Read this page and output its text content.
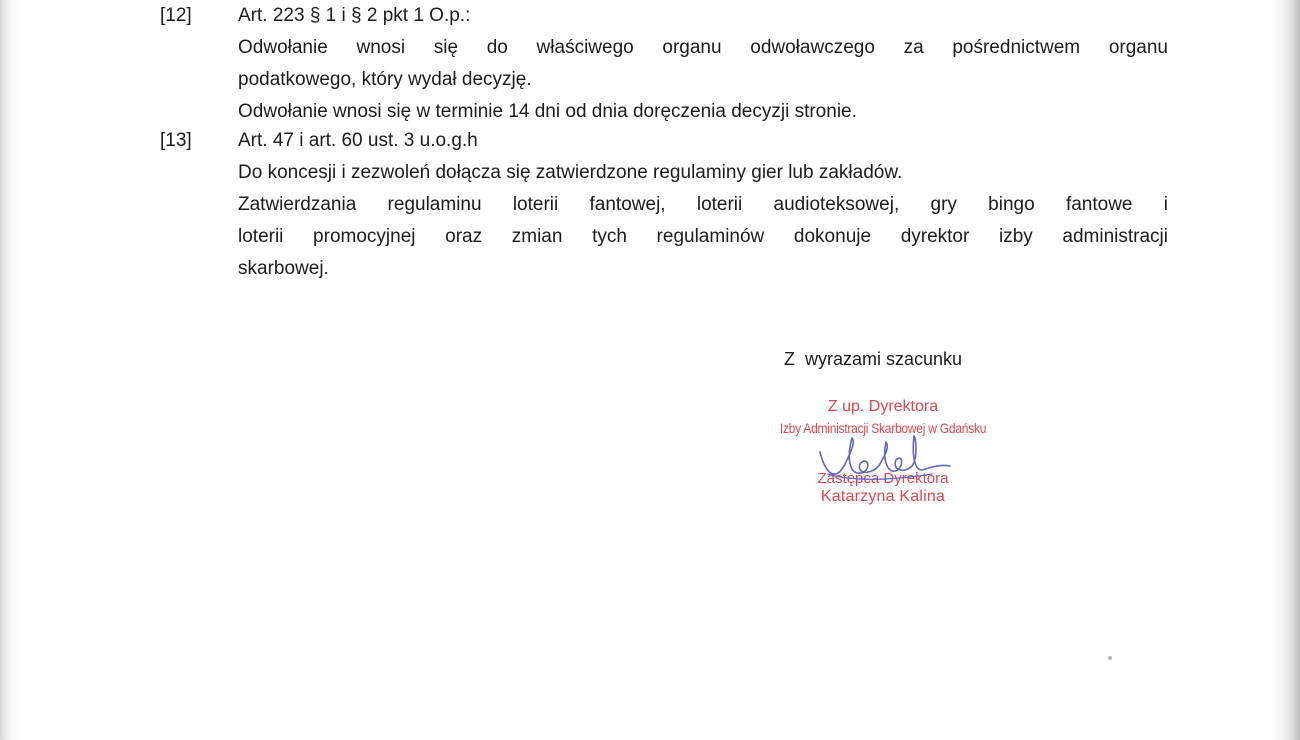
[12] Art. 223 § 1 i § 2 pkt 1 O.p.:
Odwołanie wnosi się do właściwego organu odwoławczego za pośrednictwem organu
podatkowego, który wydał decyzję.
Odwołanie wnosi się w terminie 14 dni od dnia doręczenia decyzji stronie.
[13] Art. 47 i art. 60 ust. 3 u.o.g.h
Do koncesji i zezwoleń dołącza się zatwierdzone regulaminy gier lub zakładów.
Zatwierdzania regulaminu loterii fantowej, loterii audioteksowej, gry bingo fantowe i
loterii promocyjnej oraz zmian tych regulaminów dokonuje dyrektor izby administracji
skarbowej.
Z  wyrazami szacunku
Z up. Dyrektora
Izby Administracji Skarbowej w Gdańsku
Zastępca Dyrektora
Katarzyna Kalina
